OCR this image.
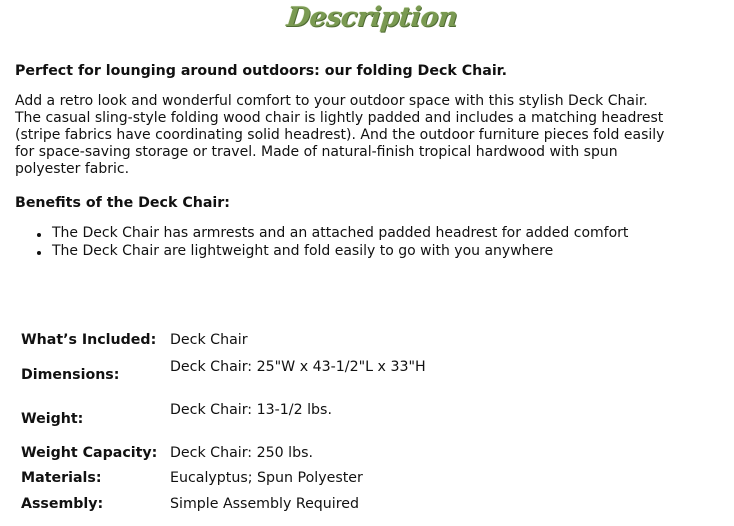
Description
Perfect for lounging around outdoors: our folding Deck Chair.

Add a retro look and wonderful comfort to your outdoor space with this stylish Deck Chair.
The casual sling-style folding wood chair is lightly padded and includes a matching headrest
(stripe fabrics have coordinating solid headrest). And the outdoor furniture pieces fold easily
for space-saving storage or travel. Made of natural-finish tropical hardwood with spun
polyester fabric.

Benefits of the Deck Chair:
The Deck Chair has armrests and an attached padded headrest for added comfort
The Deck Chair are lightweight and fold easily to go with you anywhere
What’s Included: Deck Chair
Dimensions:	Deck Chair: 25"W x 43-1/2"L x 33"H
Weight:
Deck Chair: 13-1/2 lbs.
Weight Capacity: Deck Chair: 250 lbs.
Materials:	Eucalyptus; Spun Polyester
Assembly:	Simple Assembly Required
